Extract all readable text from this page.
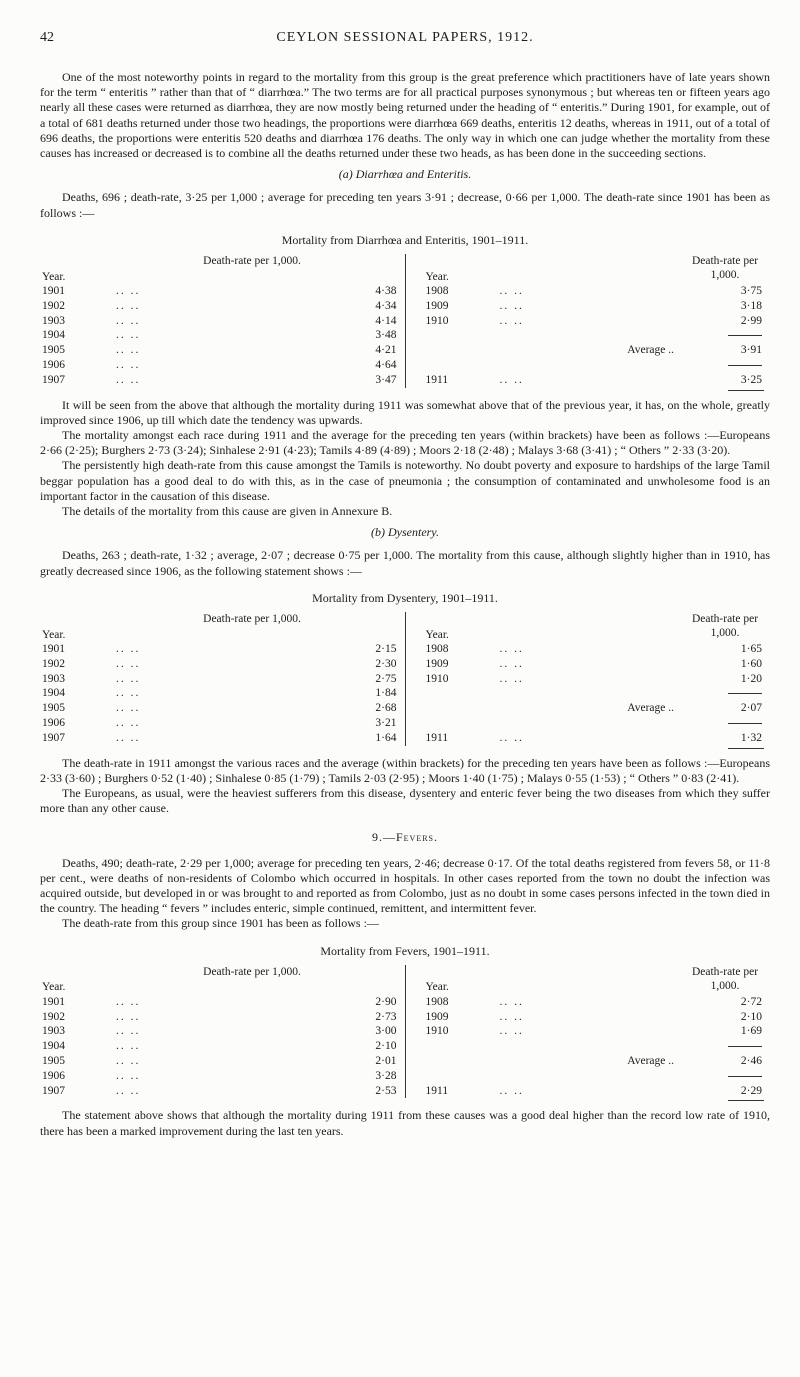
42	CEYLON SESSIONAL PAPERS, 1912.

One of the most noteworthy points in regard to the mortality from this group is the great preference which practitioners have of late years shown for the term “ enteritis ” rather than that of “ diarrhœa.” The two terms are for all practical purposes synonymous ; but whereas ten or fifteen years ago nearly all these cases were returned as diarrhœa, they are now mostly being returned under the heading of “ enteritis.” During 1901, for example, out of a total of 681 deaths returned under those two headings, the proportions were diarrhœa 669 deaths, enteritis 12 deaths, whereas in 1911, out of a total of 696 deaths, the proportions were enteritis 520 deaths and diarrhœa 176 deaths. The only way in which one can judge whether the mortality from these causes has increased or decreased is to combine all the deaths returned under these two heads, as has been done in the succeeding sections.

(a) Diarrhœa and Enteritis.

Deaths, 696 ; death-rate, 3·25 per 1,000 ; average for preceding ten years 3·91 ; decrease, 0·66 per 1,000. The death-rate since 1901 has been as follows :—

Mortality from Diarrhœa and Enteritis, 1901–1911.
Year.
Death-rate per 1,000.
1901	.. ..	4·38
1902	.. ..	4·34
1903	.. ..	4·14
1904	.. ..	3·48
1905	.. ..	4·21
1906	.. ..	4·64
1907	.. ..	3·47
Year.
Death-rate per 1,000.
1908	.. ..	3·75
1909	.. ..	3·18
1910	.. ..	2·99
Average ..	3·91
1911	.. ..	3·25

It will be seen from the above that although the mortality during 1911 was somewhat above that of the previous year, it has, on the whole, greatly improved since 1906, up till which date the tendency was upwards.

The mortality amongst each race during 1911 and the average for the preceding ten years (within brackets) have been as follows :—Europeans 2·66 (2·25); Burghers 2·73 (3·24); Sinhalese 2·91 (4·23); Tamils 4·89 (4·89) ; Moors 2·18 (2·48) ; Malays 3·68 (3·41) ; “ Others ” 2·33 (3·20).

The persistently high death-rate from this cause amongst the Tamils is noteworthy. No doubt poverty and exposure to hardships of the large Tamil beggar population has a good deal to do with this, as in the case of pneumonia ; the consumption of contaminated and unwholesome food is an important factor in the causation of this disease.

The details of the mortality from this cause are given in Annexure B.

(b) Dysentery.

Deaths, 263 ; death-rate, 1·32 ; average, 2·07 ; decrease 0·75 per 1,000. The mortality from this cause, although slightly higher than in 1910, has greatly decreased since 1906, as the following statement shows :—

Mortality from Dysentery, 1901–1911.
Year.
Death-rate per 1,000.
1901	.. ..	2·15
1902	.. ..	2·30
1903	.. ..	2·75
1904	.. ..	1·84
1905	.. ..	2·68
1906	.. ..	3·21
1907	.. ..	1·64
Year.
Death-rate per 1,000.
1908	.. ..	1·65
1909	.. ..	1·60
1910	.. ..	1·20
Average ..	2·07
1911	.. ..	1·32

The death-rate in 1911 amongst the various races and the average (within brackets) for the preceding ten years have been as follows :—Europeans 2·33 (3·60) ; Burghers 0·52 (1·40) ; Sinhalese 0·85 (1·79) ; Tamils 2·03 (2·95) ; Moors 1·40 (1·75) ; Malays 0·55 (1·53) ; “ Others ” 0·83 (2·41).

The Europeans, as usual, were the heaviest sufferers from this disease, dysentery and enteric fever being the two diseases from which they suffer more than any other cause.

9.—Fevers.

Deaths, 490; death-rate, 2·29 per 1,000; average for preceding ten years, 2·46; decrease 0·17. Of the total deaths registered from fevers 58, or 11·8 per cent., were deaths of non-residents of Colombo which occurred in hospitals. In other cases reported from the town no doubt the infection was acquired outside, but developed in or was brought to and reported as from Colombo, just as no doubt in some cases persons infected in the town died in the country. The heading “ fevers ” includes enteric, simple continued, remittent, and intermittent fever.

The death-rate from this group since 1901 has been as follows :—

Mortality from Fevers, 1901–1911.
Year.
Death-rate per 1,000.
1901	.. ..	2·90
1902	.. ..	2·73
1903	.. ..	3·00
1904	.. ..	2·10
1905	.. ..	2·01
1906	.. ..	3·28
1907	.. ..	2·53
Year.
Death-rate per 1,000.
1908	.. ..	2·72
1909	.. ..	2·10
1910	.. ..	1·69
Average ..	2·46
1911	.. ..	2·29

The statement above shows that although the mortality during 1911 from these causes was a good deal higher than the record low rate of 1910, there has been a marked improvement during the last ten years.
